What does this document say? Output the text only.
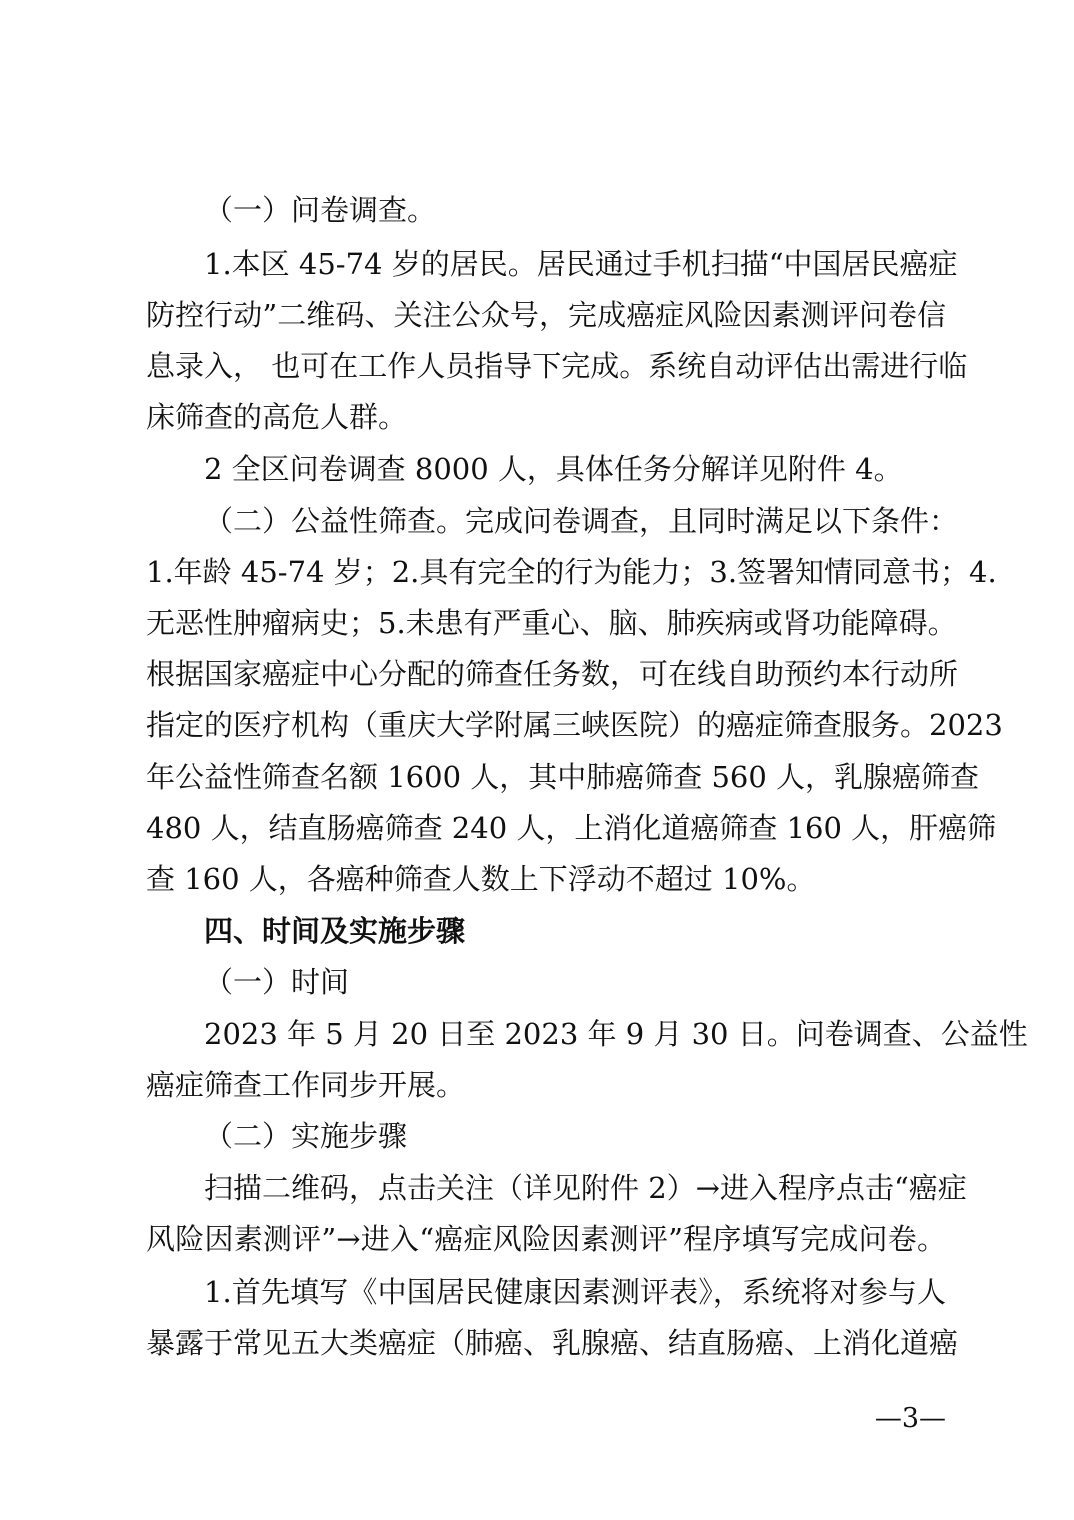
（一）问卷调查。
1.本区 45-74 岁的居民。居民通过手机扫描“中国居民癌症
防控行动”二维码、关注公众号，完成癌症风险因素测评问卷信
息录入， 也可在工作人员指导下完成。系统自动评估出需进行临
床筛查的高危人群。
2 全区问卷调查 8000 人，具体任务分解详见附件 4。
（二）公益性筛查。完成问卷调查，且同时满足以下条件：
1.年龄 45-74 岁；2.具有完全的行为能力；3.签署知情同意书；4.
无恶性肿瘤病史；5.未患有严重心、脑、肺疾病或肾功能障碍。
根据国家癌症中心分配的筛查任务数，可在线自助预约本行动所
指定的医疗机构（重庆大学附属三峡医院）的癌症筛查服务。2023
年公益性筛查名额 1600 人，其中肺癌筛查 560 人，乳腺癌筛查
480 人，结直肠癌筛查 240 人，上消化道癌筛查 160 人，肝癌筛
查 160 人，各癌种筛查人数上下浮动不超过 10%。
四、时间及实施步骤
（一）时间
2023 年 5 月 20 日至 2023 年 9 月 30 日。问卷调查、公益性
癌症筛查工作同步开展。
（二）实施步骤
扫描二维码，点击关注（详见附件 2）→进入程序点击“癌症
风险因素测评”→进入“癌症风险因素测评”程序填写完成问卷。
1.首先填写《中国居民健康因素测评表》，系统将对参与人
暴露于常见五大类癌症（肺癌、乳腺癌、结直肠癌、上消化道癌
—3—
